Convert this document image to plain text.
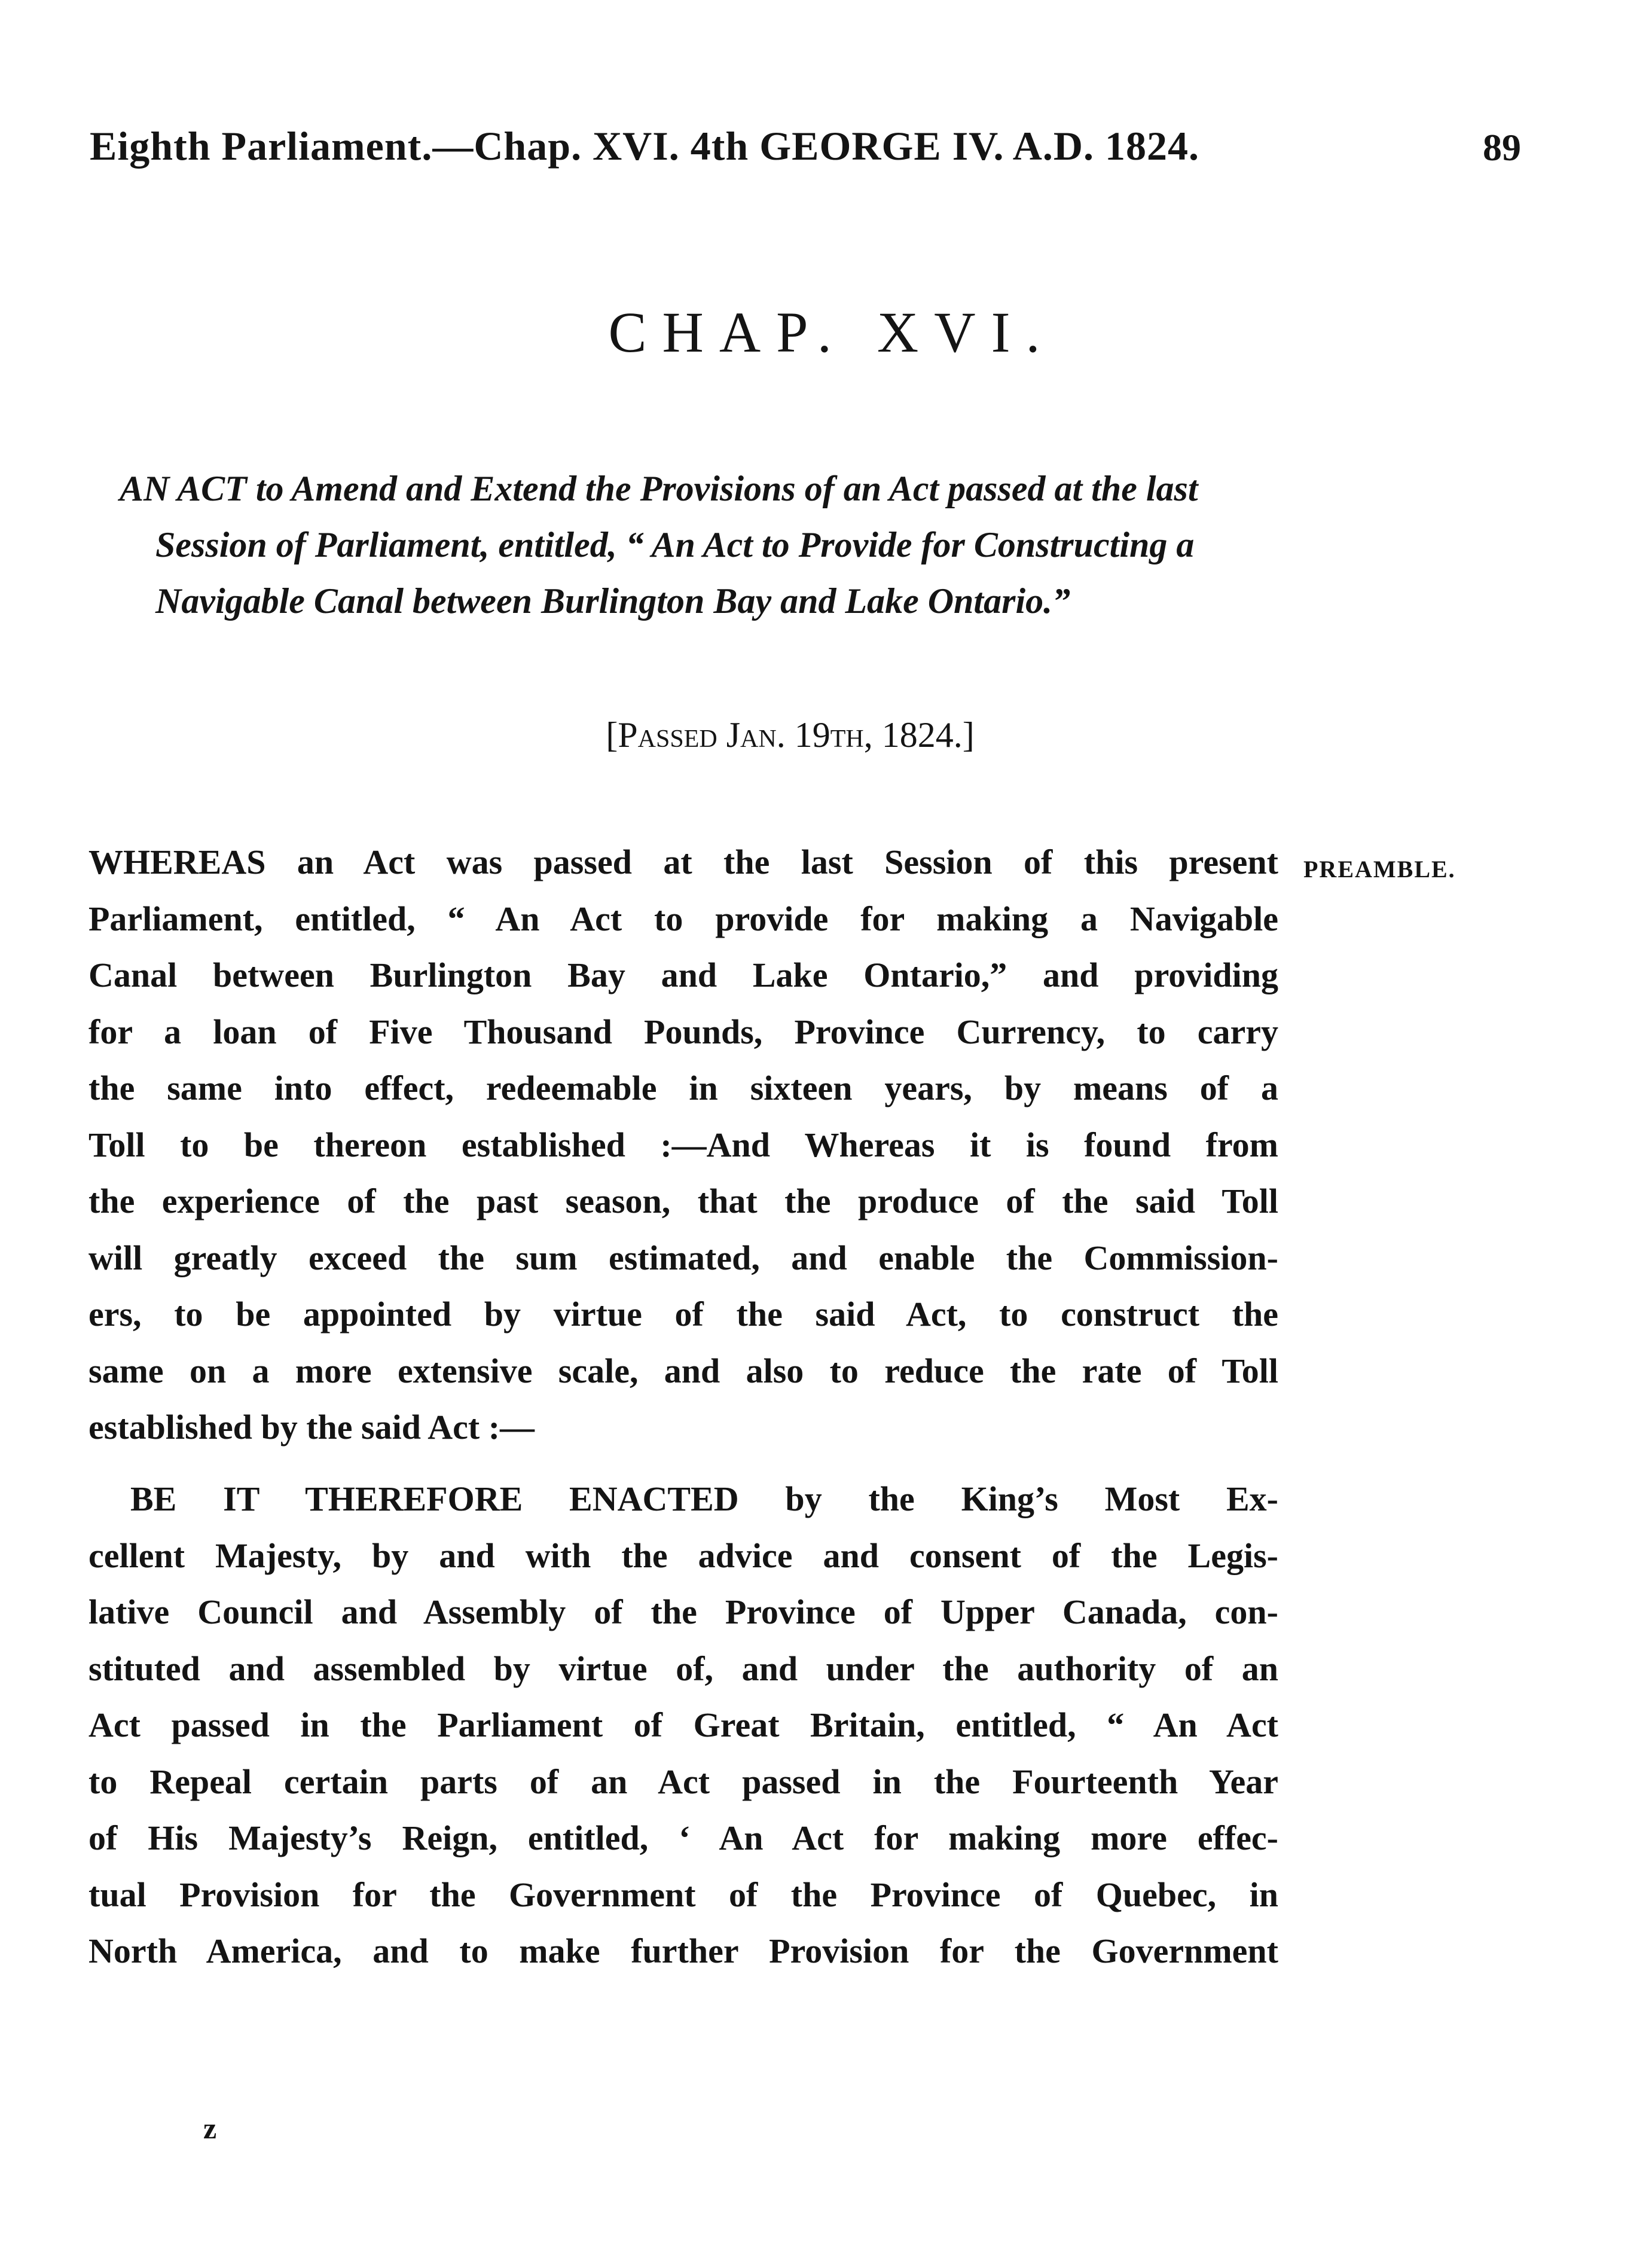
Eighth Parliament.—Chap. XVI. 4th GEORGE IV. A.D. 1824.	89
CHAP. XVI.
AN ACT to Amend and Extend the Provisions of an Act passed at the last
Session of Parliament, entitled, “ An Act to Provide for Constructing a
Navigable Canal between Burlington Bay and Lake Ontario.”
[Passed Jan. 19th, 1824.]
PREAMBLE.
WHEREAS an Act was passed at the last Session of this present
Parliament, entitled, “ An Act to provide for making a Navigable
Canal between Burlington Bay and Lake Ontario,” and providing
for a loan of Five Thousand Pounds, Province Currency, to carry
the same into effect, redeemable in sixteen years, by means of a
Toll to be thereon established :—And Whereas it is found from
the experience of the past season, that the produce of the said Toll
will greatly exceed the sum estimated, and enable the Commission-
ers, to be appointed by virtue of the said Act, to construct the
same on a more extensive scale, and also to reduce the rate of Toll
established by the said Act :—
BE IT THEREFORE ENACTED by the King’s Most Ex-
cellent Majesty, by and with the advice and consent of the Legis-
lative Council and Assembly of the Province of Upper Canada, con-
stituted and assembled by virtue of, and under the authority of an
Act passed in the Parliament of Great Britain, entitled, “ An Act
to Repeal certain parts of an Act passed in the Fourteenth Year
of His Majesty’s Reign, entitled, ‘ An Act for making more effec-
tual Provision for the Government of the Province of Quebec, in
North America, and to make further Provision for the Government
z
